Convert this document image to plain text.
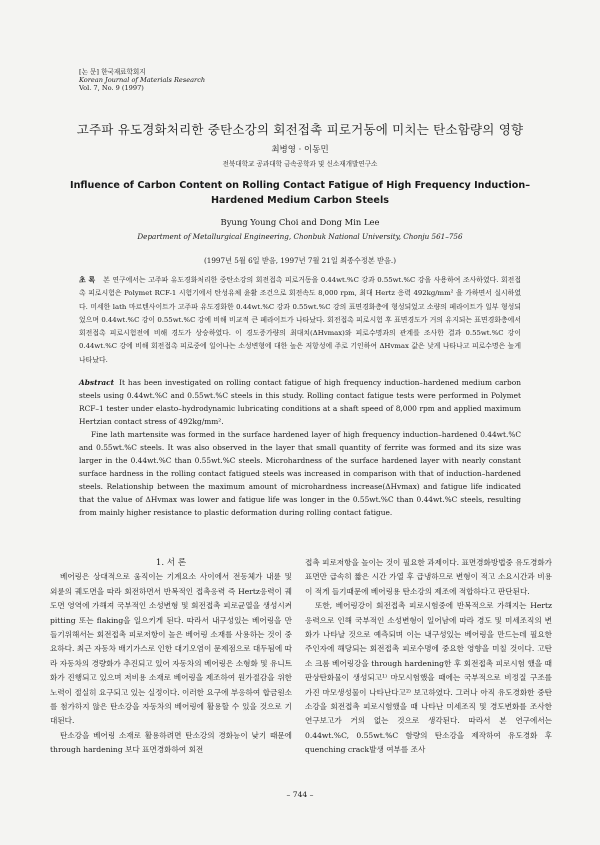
[논 문] 한국재료학회지
Korean Journal of Materials Research
Vol. 7, No. 9 (1997)
고주파 유도경화처리한 중탄소강의 회전접촉 피로거동에 미치는 탄소함량의 영향
최병영 · 이동민
전북대학교 공과대학 금속공학과 및 신소재개발연구소
Influence of Carbon Content on Rolling Contact Fatigue of High Frequency Induction–Hardened Medium Carbon Steels
Byung Young Choi and Dong Min Lee
Department of Metallurgical Engineering, Chonbuk National University, Chonju 561–756
(1997년 5월 6일 받음, 1997년 7월 21일 최종수정본 받음.)
초 록 본 연구에서는 고주파 유도경화처리한 중탄소강의 회전접촉 피로거동을 0.44wt.%C 강과 0.55wt.%C 강을 사용하여 조사하였다. 회전접촉 피로시험은 Polymet RCF-1 시험기에서 탄성유체 윤활 조건으로 회전속도 8,000 rpm, 최대 Hertz 응력 492kg/mm² 을 가하면서 실시하였다. 미세한 lath 마르텐사이트가 고주파 유도경화한 0.44wt.%C 강과 0.55wt.%C 강의 표면경화층에 형성되었고 소량의 페라이트가 일부 형성되었으며 0.44wt.%C 강이 0.55wt.%C 강에 비해 비교적 큰 페라이트가 나타났다. 회전접촉 피로시험 후 표면경도가 거의 유지되는 표면경화층에서 회전접촉 피로시험전에 비해 경도가 상승하였다. 이 경도증가량의 최대치(ΔHvmax)와 피로수명과의 관계를 조사한 결과 0.55wt.%C 강이 0.44wt.%C 강에 비해 회전접촉 피로중에 일어나는 소성변형에 대한 높은 저항성에 주로 기인하여 ΔHvmax 값은 낮게 나타나고 피로수명은 높게 나타났다.

Abstract It has been investigated on rolling contact fatigue of high frequency induction–hardened medium carbon steels using 0.44wt.%C and 0.55wt.%C steels in this study. Rolling contact fatigue tests were performed in Polymet RCF–1 tester under elasto–hydrodynamic lubricating conditions at a shaft speed of 8,000 rpm and applied maximum Hertzian contact stress of 492kg/mm².

Fine lath martensite was formed in the surface hardened layer of high frequency induction–hardened 0.44wt.%C and 0.55wt.%C steels. It was also observed in the layer that small quantity of ferrite was formed and its size was larger in the 0.44wt.%C than 0.55wt.%C steels. Microhardness of the surface hardened layer with nearly constant surface hardness in the rolling contact fatigued steels was increased in comparison with that of induction–hardened steels. Relationship between the maximum amount of microhardness increase(ΔHvmax) and fatigue life indicated that the value of ΔHvmax was lower and fatigue life was longer in the 0.55wt.%C than 0.44wt.%C steels, resulting from mainly higher resistance to plastic deformation during rolling contact fatigue.

1. 서 론

베어링은 상대적으로 움직이는 기계요소 사이에서 전동체가 내륜 및 외륜의 궤도면을 따라 회전하면서 반복적인 접촉응력 즉 Hertz응력이 궤도면 영역에 가해져 국부적인 소성변형 및 회전접촉 피로균열을 생성시켜 pitting 또는 flaking을 일으키게 된다. 따라서 내구성있는 베어링을 만들기위해서는 회전접촉 피로저항이 높은 베어링 소재를 사용하는 것이 중요하다. 최근 자동차 배기가스로 인한 대기오염이 문제점으로 대두됨에 따라 자동차의 경량화가 추진되고 있어 자동차의 베어링은 소형화 및 유니트화가 진행되고 있으며 저비용 소재로 베어링을 제조하여 원가절감을 위한 노력이 절실히 요구되고 있는 실정이다. 이러한 요구에 부응하여 합금원소를 첨가하지 않은 탄소강을 자동차의 베어링에 활용할 수 있을 것으로 기대된다.

탄소강을 베어링 소재로 활용하려면 탄소강의 경화능이 낮기 때문에 through hardening 보다 표면경화하여 회전

접촉 피로저항을 높이는 것이 필요한 과제이다. 표면경화방법중 유도경화가 표면만 급속히 짧은 시간 가열 후 급냉하므로 변형이 적고 소요시간과 비용이 적게 들기때문에 베어링용 탄소강의 제조에 적합하다고 판단된다.

또한, 베어링강이 회전접촉 피로시험중에 반복적으로 가해지는 Hertz 응력으로 인해 국부적인 소성변형이 일어남에 따라 경도 및 미세조직의 변화가 나타날 것으로 예측되며 이는 내구성있는 베어링을 만드는데 필요한 주인자에 해당되는 회전접촉 피로수명에 중요한 영향을 미칠 것이다. 고탄소 크롬 베어링강을 through hardening한 후 회전접촉 피로시험 했을 때 판상탄화물이 생성되고¹⁾ 마모시험했을 때에는 국부적으로 비정질 구조를 가진 마모생성물이 나타난다고²⁾ 보고하였다. 그러나 아직 유도경화한 중탄소강을 회전접촉 피로시험했을 때 나타난 미세조직 및 경도변화를 조사한 연구보고가 거의 없는 것으로 생각된다. 따라서 본 연구에서는 0.44wt.%C, 0.55wt.%C 함량의 탄소강을 제작하여 유도경화 후 quenching crack발생 여부를 조사

– 744 –
